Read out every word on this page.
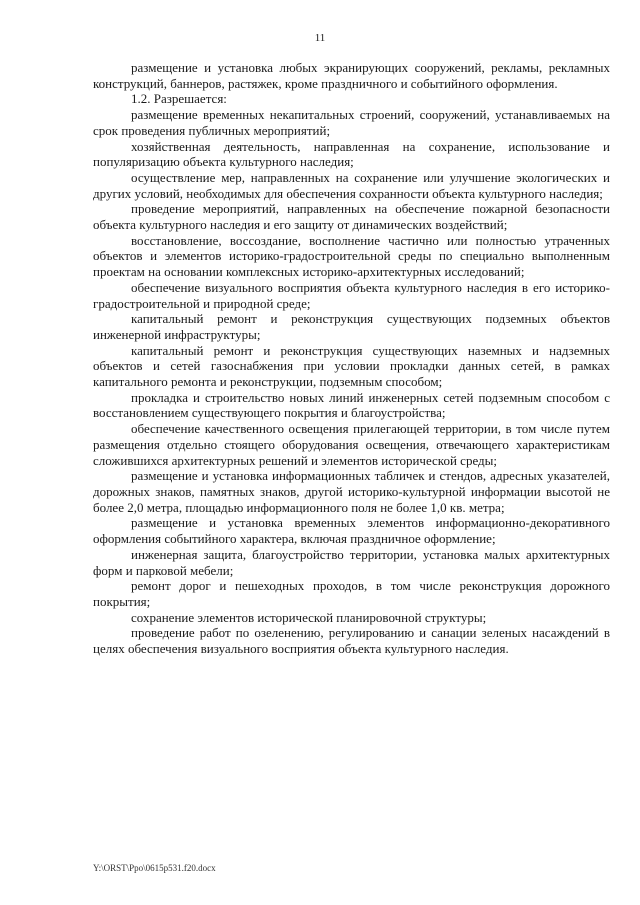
11

размещение и установка любых экранирующих сооружений, рекламы, рекламных конструкций, баннеров, растяжек, кроме праздничного и событийного оформления.

1.2. Разрешается:

размещение временных некапитальных строений, сооружений, устанавливаемых на срок проведения публичных мероприятий;

хозяйственная деятельность, направленная на сохранение, использование и популяризацию объекта культурного наследия;

осуществление мер, направленных на сохранение или улучшение экологических и других условий, необходимых для обеспечения сохранности объекта культурного наследия;

проведение мероприятий, направленных на обеспечение пожарной безопасности объекта культурного наследия и его защиту от динамических воздействий;

восстановление, воссоздание, восполнение частично или полностью утраченных объектов и элементов историко-градостроительной среды по специально выполненным проектам на основании комплексных историко-архитектурных исследований;

обеспечение визуального восприятия объекта культурного наследия в его историко-градостроительной и природной среде;

капитальный ремонт и реконструкция существующих подземных объектов инженерной инфраструктуры;

капитальный ремонт и реконструкция существующих наземных и надземных объектов и сетей газоснабжения при условии прокладки данных сетей, в рамках капитального ремонта и реконструкции, подземным способом;

прокладка и строительство новых линий инженерных сетей подземным способом с восстановлением существующего покрытия и благоустройства;

обеспечение качественного освещения прилегающей территории, в том числе путем размещения отдельно стоящего оборудования освещения, отвечающего характеристикам сложившихся архитектурных решений и элементов исторической среды;

размещение и установка информационных табличек и стендов, адресных указателей, дорожных знаков, памятных знаков, другой историко-культурной информации высотой не более 2,0 метра, площадью информационного поля не более 1,0 кв. метра;

размещение и установка временных элементов информационно-декоративного оформления событийного характера, включая праздничное оформление;

инженерная защита, благоустройство территории, установка малых архитектурных форм и парковой мебели;

ремонт дорог и пешеходных проходов, в том числе реконструкция дорожного покрытия;

сохранение элементов исторической планировочной структуры;

проведение работ по озеленению, регулированию и санации зеленых насаждений в целях обеспечения визуального восприятия объекта культурного наследия.

Y:\ORST\Ppo\0615p531.f20.docx
